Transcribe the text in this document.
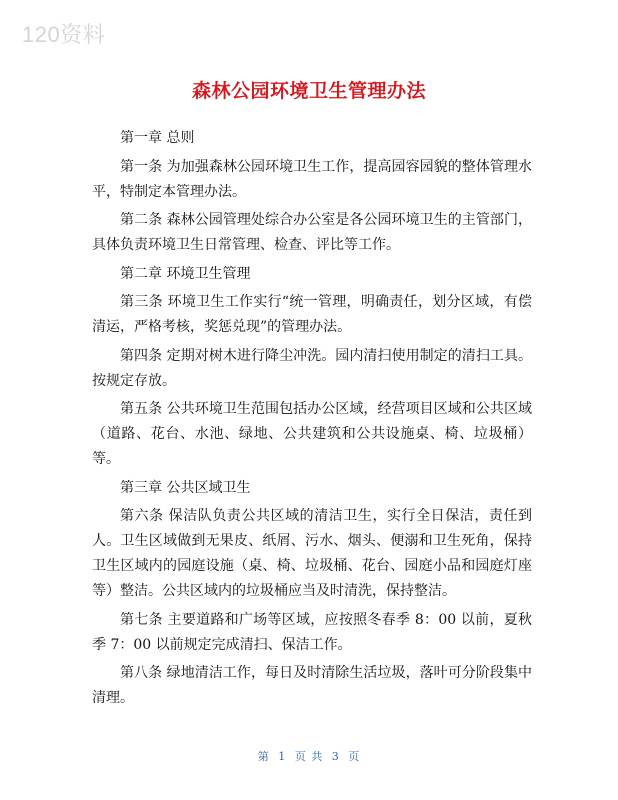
120资料
森林公园环境卫生管理办法

第一章 总则

第一条 为加强森林公园环境卫生工作，提高园容园貌的整体管理水平，特制定本管理办法。

第二条 森林公园管理处综合办公室是各公园环境卫生的主管部门，具体负责环境卫生日常管理、检查、评比等工作。

第二章 环境卫生管理

第三条 环境卫生工作实行“统一管理，明确责任，划分区域，有偿清运，严格考核，奖惩兑现”的管理办法。

第四条 定期对树木进行降尘冲洗。园内清扫使用制定的清扫工具。按规定存放。

第五条 公共环境卫生范围包括办公区域，经营项目区域和公共区域（道路、花台、水池、绿地、公共建筑和公共设施桌、椅、垃圾桶）等。

第三章 公共区域卫生

第六条 保洁队负责公共区域的清洁卫生，实行全日保洁，责任到人。卫生区域做到无果皮、纸屑、污水、烟头、便溺和卫生死角，保持卫生区域内的园庭设施（桌、椅、垃圾桶、花台、园庭小品和园庭灯座等）整洁。公共区域内的垃圾桶应当及时清洗，保持整洁。

第七条 主要道路和广场等区域，应按照冬春季 8：00 以前，夏秋季 7：00 以前规定完成清扫、保洁工作。

第八条 绿地清洁工作，每日及时清除生活垃圾，落叶可分阶段集中清理。

第 1 页 共 3 页
